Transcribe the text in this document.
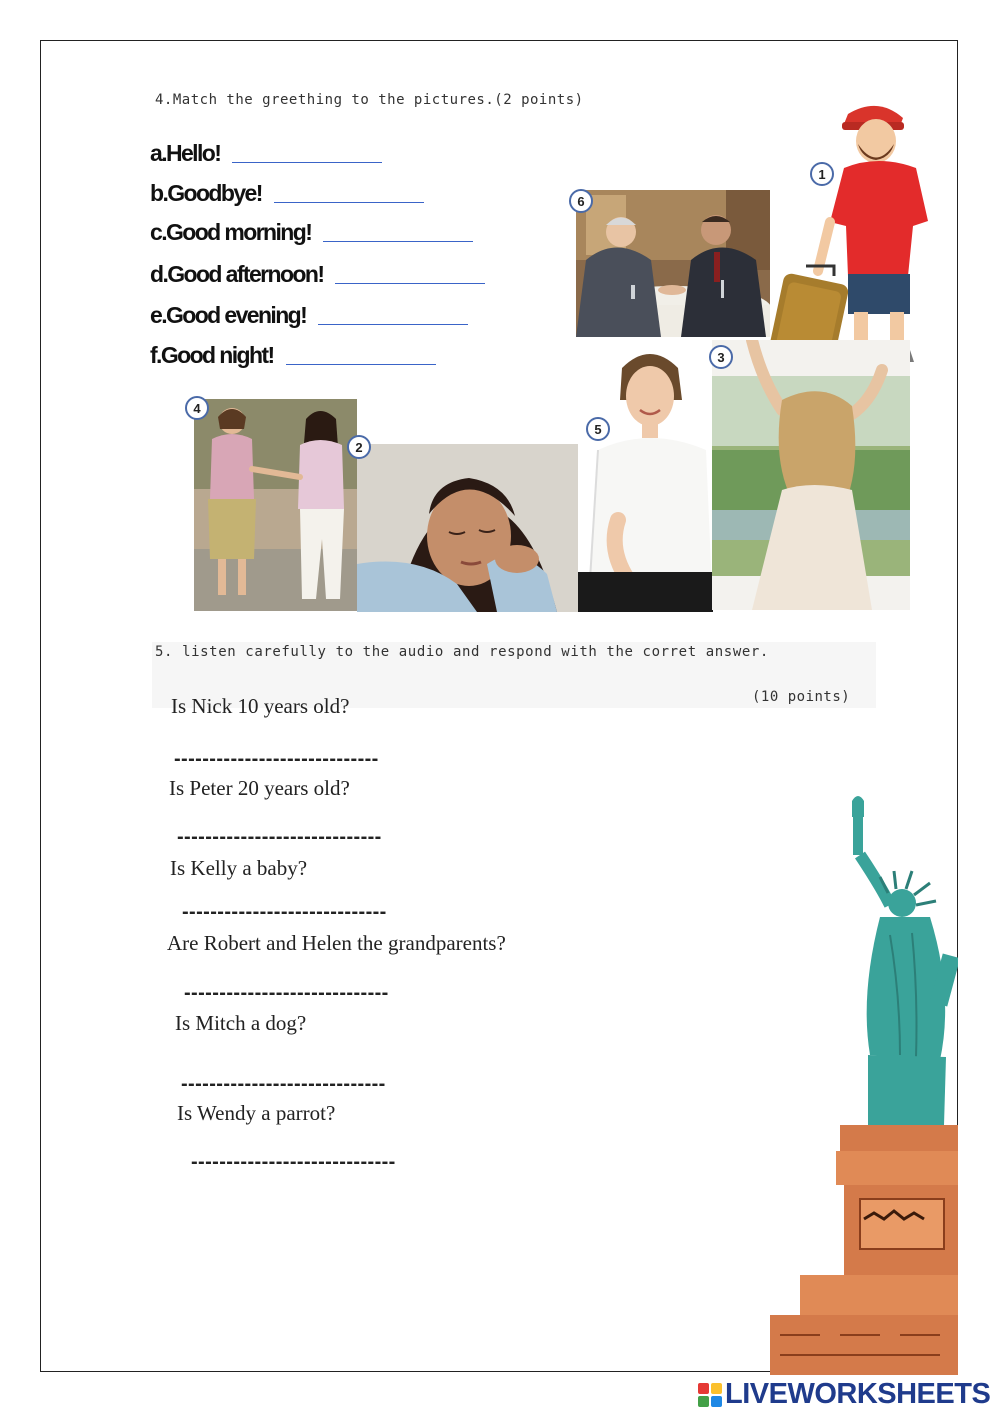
4.Match the greething to the pictures.(2 points)
a.Hello!
b.Goodbye!
c.Good morning!
d.Good afternoon!
e.Good evening!
f.Good night!
6
1
4
2
5
3
5. listen carefully to the audio and respond with the corret answer.
(10 points)
Is Nick 10 years old?
-----------------------------
Is Peter 20 years old?
-----------------------------
Is Kelly a baby?
-----------------------------
Are Robert and Helen the grandparents?
-----------------------------
Is Mitch a dog?
-----------------------------
Is Wendy a parrot?
-----------------------------
LIVEWORKSHEETS
